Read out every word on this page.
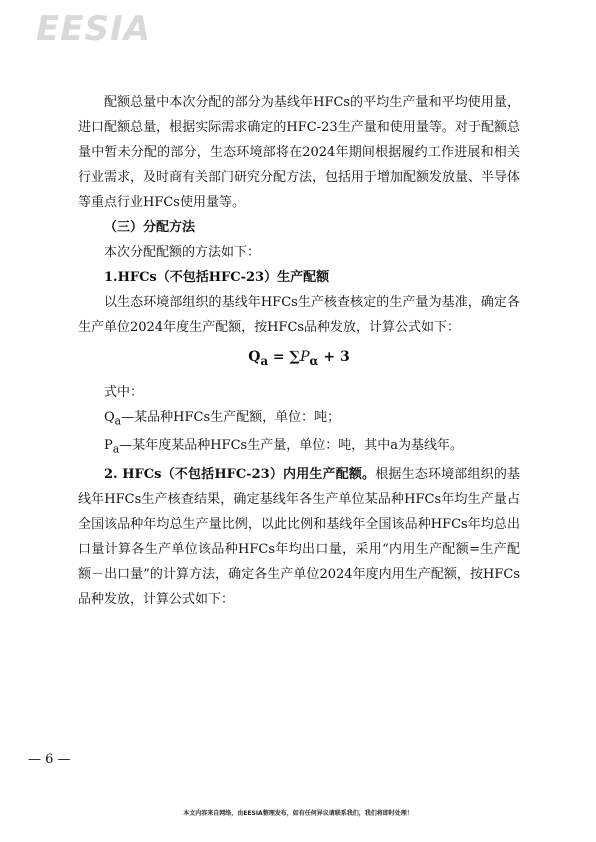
EESIA

配额总量中本次分配的部分为基线年HFCs的平均生产量和平均使用量，进口配额总量，根据实际需求确定的HFC-23生产量和使用量等。对于配额总量中暂未分配的部分，生态环境部将在2024年期间根据履约工作进展和相关行业需求，及时商有关部门研究分配方法，包括用于增加配额发放量、半导体等重点行业HFCs使用量等。

（三）分配方法

本次分配配额的方法如下：

1.HFCs（不包括HFC-23）生产配额

以生态环境部组织的基线年HFCs生产核查核定的生产量为基准，确定各生产单位2024年度生产配额，按HFCs品种发放，计算公式如下：

$Q_a = \sum P_\alpha + 3$

式中：

$Q_a—$某品种HFCs生产配额，单位：吨；

$P_a—$某年度某品种HFCs生产量，单位：吨，其中a为基线年。

2. HFCs（不包括HFC-23）内用生产配额。根据生态环境部组织的基线年HFCs生产核查结果，确定基线年各生产单位某品种HFCs年均生产量占全国该品种年均总生产量比例，以此比例和基线年全国该品种HFCs年均总出口量计算各生产单位该品种HFCs年均出口量，采用“内用生产配额=生产配额－出口量”的计算方法，确定各生产单位2024年度内用生产配额，按HFCs品种发放，计算公式如下：

— 6 —
本文内容来自网络，由EESIA整理发布，如有任何异议请联系我们，我们将即时处理！
